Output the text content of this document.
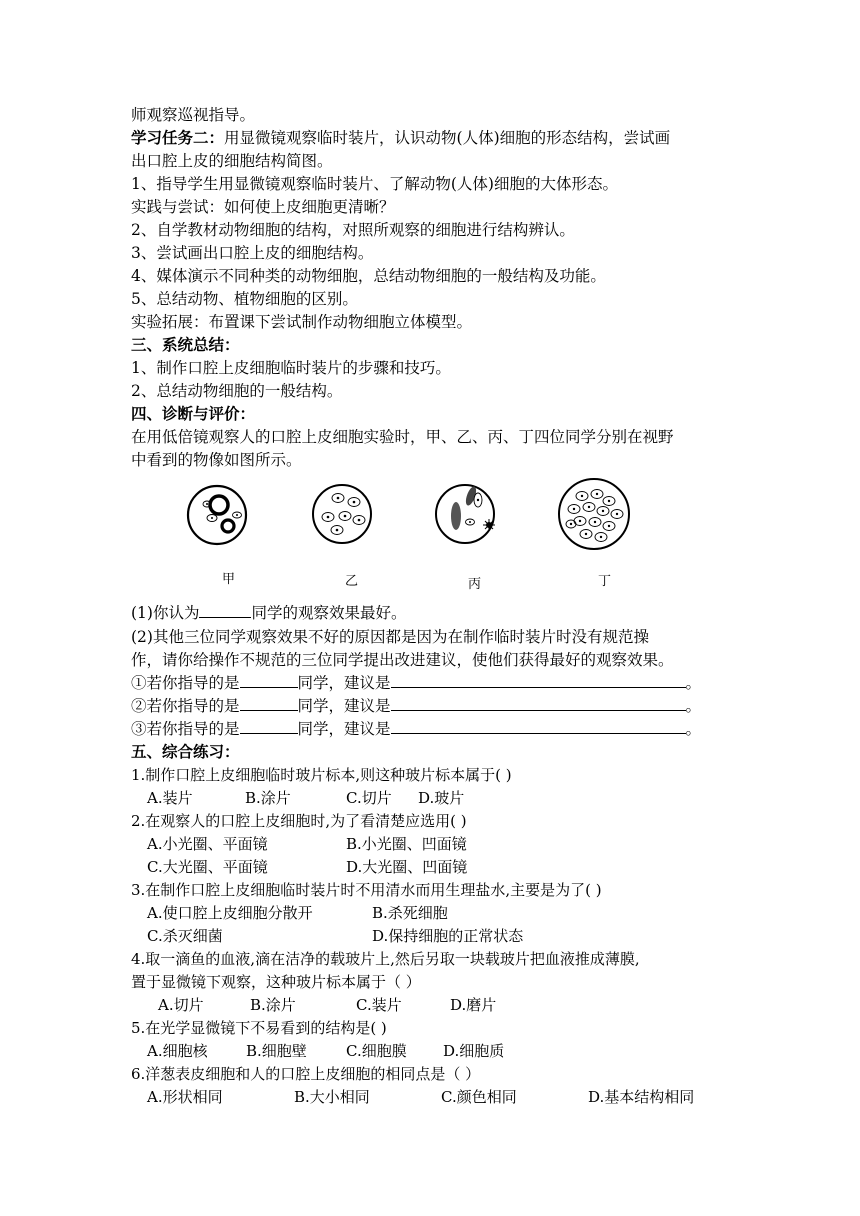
师观察巡视指导。
学习任务二：用显微镜观察临时装片，认识动物(人体)细胞的形态结构，尝试画
出口腔上皮的细胞结构简图。
1、指导学生用显微镜观察临时装片、了解动物(人体)细胞的大体形态。
实践与尝试：如何使上皮细胞更清晰？
2、自学教材动物细胞的结构，对照所观察的细胞进行结构辨认。
3、尝试画出口腔上皮的细胞结构。
4、媒体演示不同种类的动物细胞，总结动物细胞的一般结构及功能。
5、总结动物、植物细胞的区别。
实验拓展：布置课下尝试制作动物细胞立体模型。
三、系统总结：
1、制作口腔上皮细胞临时装片的步骤和技巧。
2、总结动物细胞的一般结构。
四、诊断与评价：
在用低倍镜观察人的口腔上皮细胞实验时，甲、乙、丙、丁四位同学分别在视野
中看到的物像如图所示。
甲	乙	丙	丁
(1)你认为	同学的观察效果最好。
(2)其他三位同学观察效果不好的原因都是因为在制作临时装片时没有规范操
作，请你给操作不规范的三位同学提出改进建议，使他们获得最好的观察效果。
①若你指导的是	同学，建议是	。
②若你指导的是	同学，建议是	。
③若你指导的是	同学，建议是	。
五、综合练习：
1.制作口腔上皮细胞临时玻片标本,则这种玻片标本属于( )
A.装片	B.涂片	C.切片 D.玻片
2.在观察人的口腔上皮细胞时,为了看清楚应选用( )
A.小光圈、平面镜	B.小光圈、凹面镜
C.大光圈、平面镜	D.大光圈、凹面镜
3.在制作口腔上皮细胞临时装片时不用清水而用生理盐水,主要是为了( )
A.使口腔上皮细胞分散开	B.杀死细胞
C.杀灭细菌	D.保持细胞的正常状态
4.取一滴鱼的血液,滴在洁净的载玻片上,然后另取一块载玻片把血液推成薄膜,
置于显微镜下观察，这种玻片标本属于（ ）
A.切片	B.涂片	C.装片	D.磨片
5.在光学显微镜下不易看到的结构是( )
A.细胞核	B.细胞壁	C.细胞膜 D.细胞质
6.洋葱表皮细胞和人的口腔上皮细胞的相同点是（ ）
A.形状相同	B.大小相同	C.颜色相同	D.基本结构相同
